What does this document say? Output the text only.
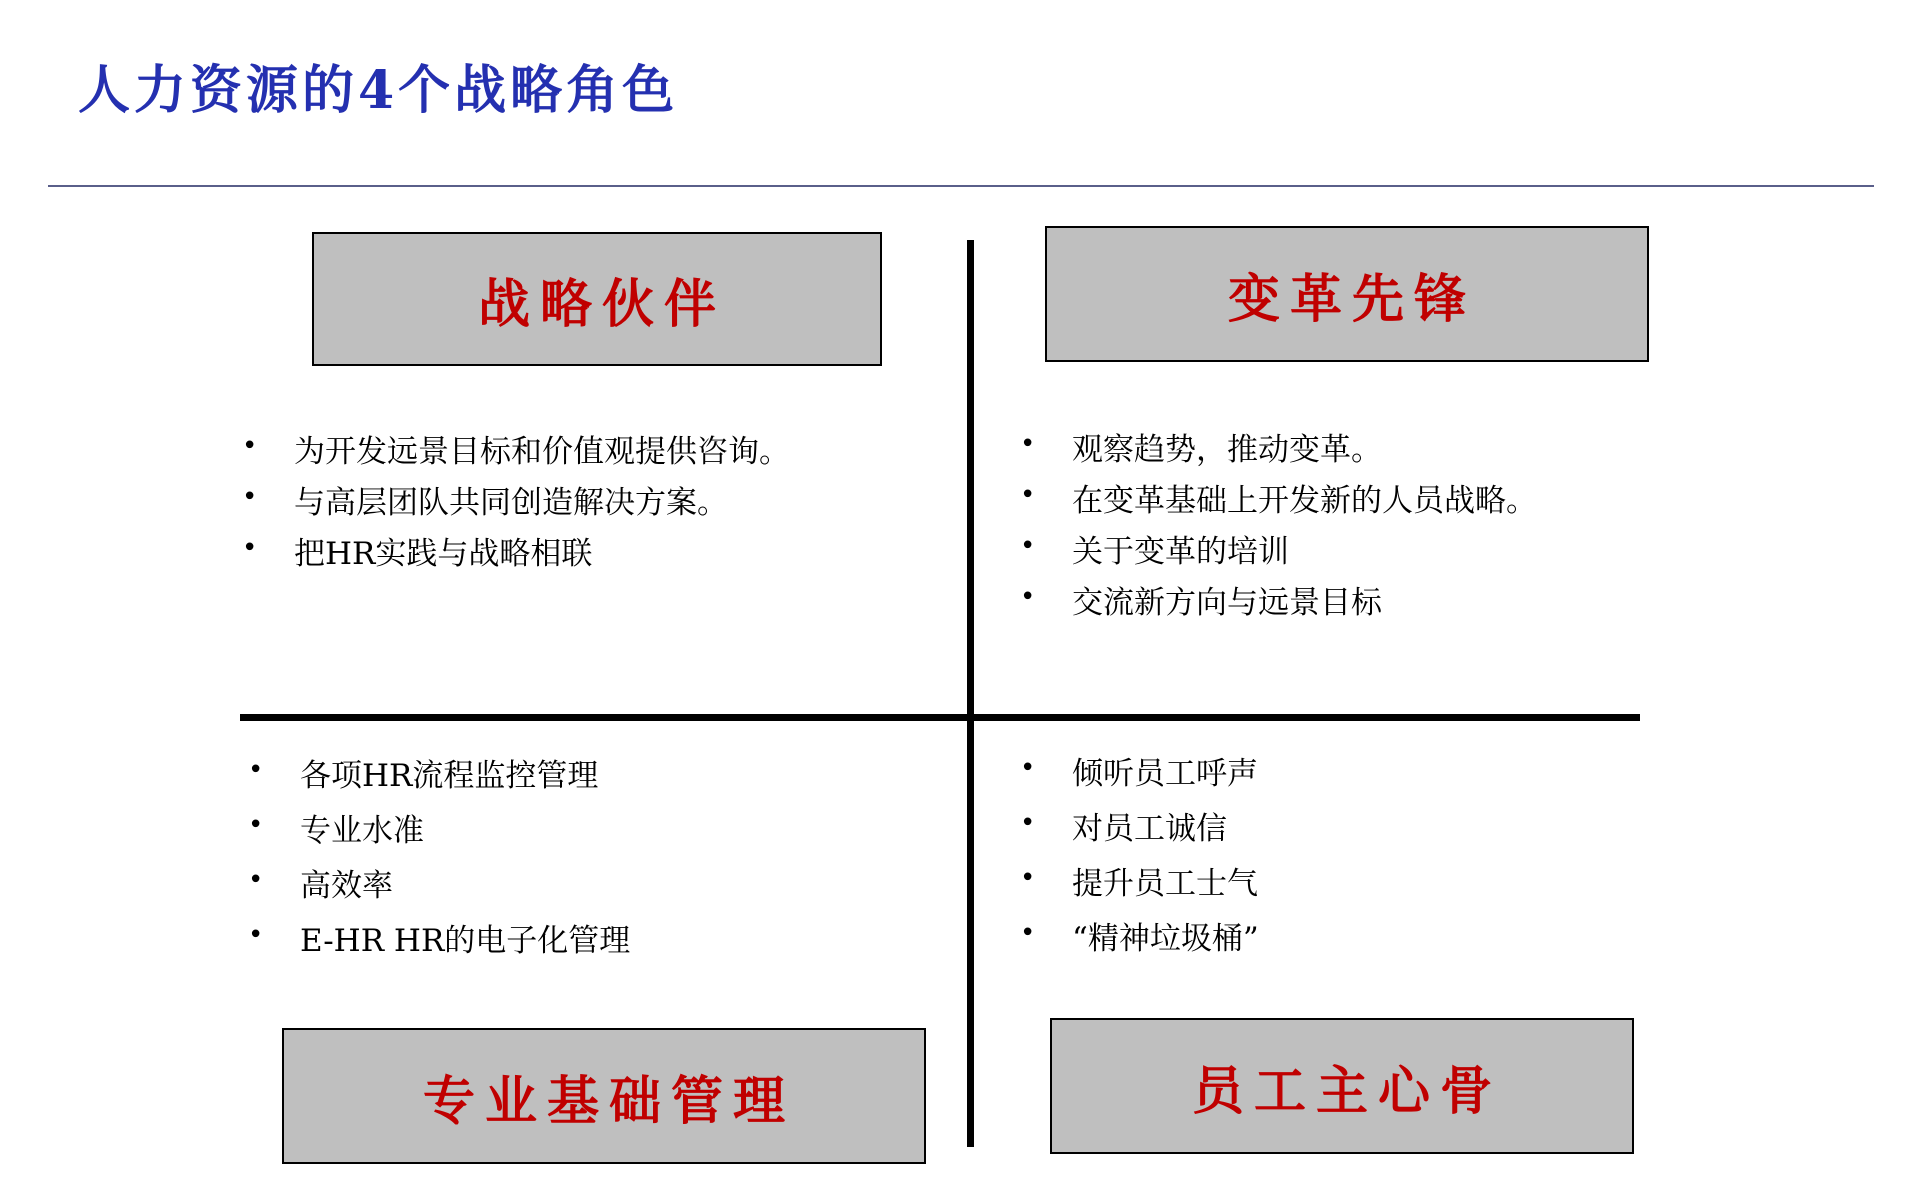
人力资源的4个战略角色
战略伙伴
• 为开发远景目标和价值观提供咨询。
• 与高层团队共同创造解决方案。
• 把HR实践与战略相联
变革先锋
• 观察趋势，推动变革。
• 在变革基础上开发新的人员战略。
• 关于变革的培训
• 交流新方向与远景目标
• 各项HR流程监控管理
• 专业水准
• 高效率
• E-HR HR的电子化管理
专业基础管理
• 倾听员工呼声
• 对员工诚信
• 提升员工士气
• “精神垃圾桶”
员工主心骨
